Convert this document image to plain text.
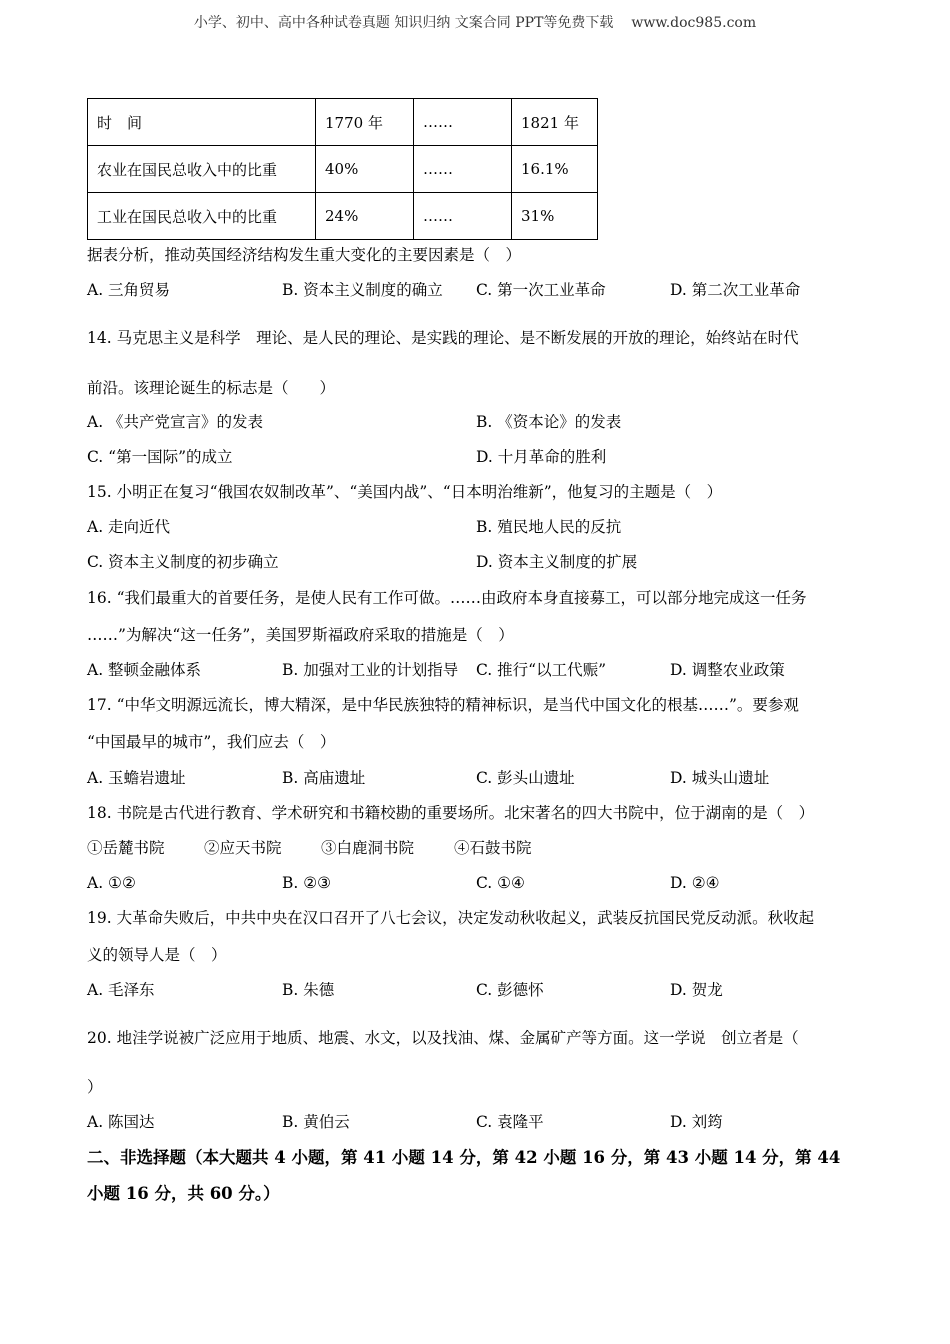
小学、初中、高中各种试卷真题 知识归纳 文案合同 PPT等免费下载 www.doc985.com
时　间	1770 年	……	1821 年
农业在国民总收入中的比重	40%	……	16.1%
工业在国民总收入中的比重	24%	……	31%
据表分析，推动英国经济结构发生重大变化的主要因素是（　）
A. 三角贸易	B. 资本主义制度的确立 C. 第一次工业革命	D. 第二次工业革命
14. 马克思主义是科学　理论、是人民的理论、是实践的理论、是不断发展的开放的理论，始终站在时代
前沿。该理论诞生的标志是（　　）
A. 《共产党宣言》的发表	B. 《资本论》的发表
C. “第一国际”的成立	D. 十月革命的胜利
15. 小明正在复习“俄国农奴制改革”、“美国内战”、“日本明治维新”，他复习的主题是（　）
A. 走向近代	B. 殖民地人民的反抗
C. 资本主义制度的初步确立	D. 资本主义制度的扩展
16. “我们最重大的首要任务，是使人民有工作可做。……由政府本身直接募工，可以部分地完成这一任务
……”为解决“这一任务”，美国罗斯福政府采取的措施是（　）
A. 整顿金融体系	B. 加强对工业的计划指导 C. 推行“以工代赈”	D. 调整农业政策
17. “中华文明源远流长，博大精深，是中华民族独特的精神标识，是当代中国文化的根基……”。要参观
“中国最早的城市”，我们应去（　）
A. 玉蟾岩遗址	B. 高庙遗址	C. 彭头山遗址	D. 城头山遗址
18. 书院是古代进行教育、学术研究和书籍校勘的重要场所。北宋著名的四大书院中，位于湖南的是（　）
①岳麓书院	②应天书院	③白鹿洞书院	④石鼓书院
A. ①②	B. ②③	C. ①④	D. ②④
19. 大革命失败后，中共中央在汉口召开了八七会议，决定发动秋收起义，武装反抗国民党反动派。秋收起
义的领导人是（　）
A. 毛泽东	B. 朱德	C. 彭德怀	D. 贺龙
20. 地洼学说被广泛应用于地质、地震、水文，以及找油、煤、金属矿产等方面。这一学说　创立者是（
）
A. 陈国达	B. 黄伯云	C. 袁隆平	D. 刘筠
二、非选择题（本大题共 4 小题，第 41 小题 14 分，第 42 小题 16 分，第 43 小题 14 分，第 44
小题 16 分，共 60 分。）
